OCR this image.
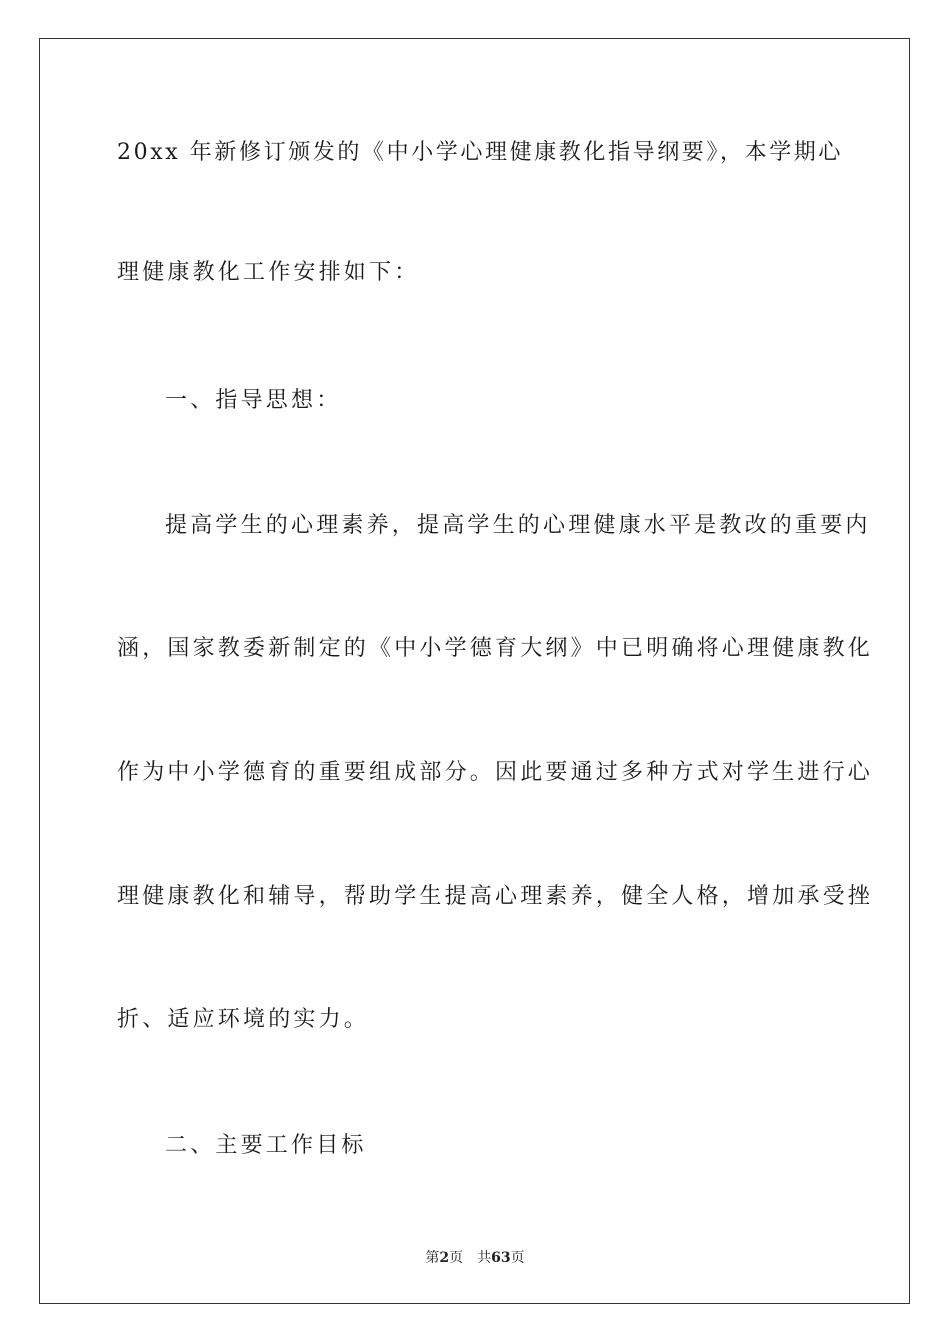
20xx 年新修订颁发的《中小学心理健康教化指导纲要》，本学期心
理健康教化工作安排如下：
一、指导思想：
提高学生的心理素养，提高学生的心理健康水平是教改的重要内
涵，国家教委新制定的《中小学德育大纲》中已明确将心理健康教化
作为中小学德育的重要组成部分。因此要通过多种方式对学生进行心
理健康教化和辅导，帮助学生提高心理素养，健全人格，增加承受挫
折、适应环境的实力。
二、主要工作目标
第2页 共63页
